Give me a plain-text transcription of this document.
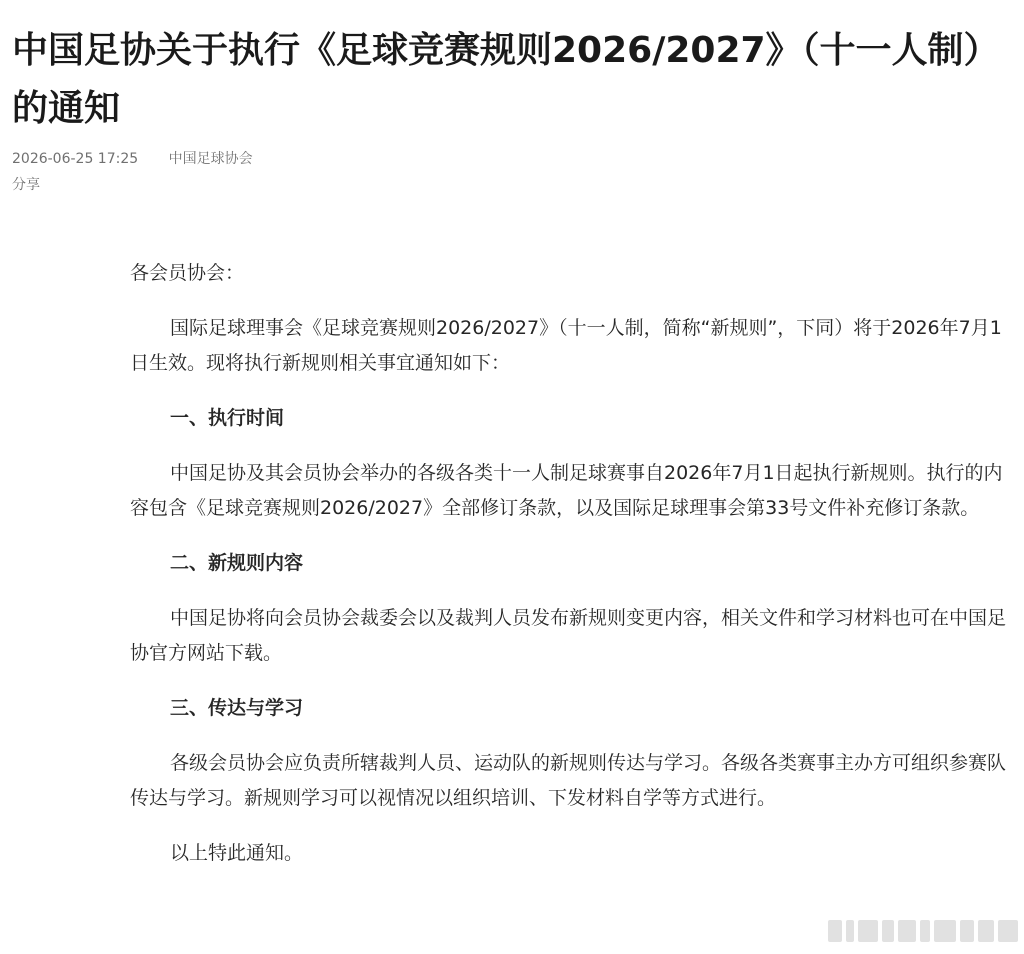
中国足协关于执行《足球竞赛规则2026/2027》（十一人制）的通知
2026-06-25 17:25 中国足球协会
分享

各会员协会：

国际足球理事会《足球竞赛规则2026/2027》（十一人制，简称“新规则”，下同）将于2026年7月1日生效。现将执行新规则相关事宜通知如下：

一、执行时间

中国足协及其会员协会举办的各级各类十一人制足球赛事自2026年7月1日起执行新规则。执行的内容包含《足球竞赛规则2026/2027》全部修订条款，以及国际足球理事会第33号文件补充修订条款。

二、新规则内容

中国足协将向会员协会裁委会以及裁判人员发布新规则变更内容，相关文件和学习材料也可在中国足协官方网站下载。

三、传达与学习

各级会员协会应负责所辖裁判人员、运动队的新规则传达与学习。各级各类赛事主办方可组织参赛队传达与学习。新规则学习可以视情况以组织培训、下发材料自学等方式进行。

以上特此通知。
